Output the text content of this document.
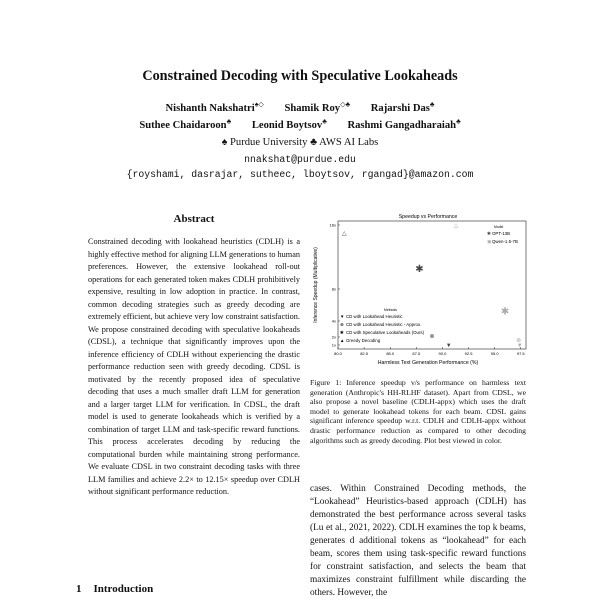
Constrained Decoding with Speculative Lookaheads
Nishanth Nakshatri♠◇ Shamik Roy◇♣ Rajarshi Das♣
Suthee Chaidaroon♣ Leonid Boytsov♣ Rashmi Gangadharaiah♣
♠ Purdue University ♣ AWS AI Labs
nnakshat@purdue.edu
{royshami, dasrajar, sutheec, lboytsov, rgangad}@amazon.com
Abstract
Constrained decoding with lookahead heuristics (CDLH) is a highly effective method for aligning LLM generations to human preferences. However, the extensive lookahead roll-out operations for each generated token makes CDLH prohibitively expensive, resulting in low adoption in practice. In contrast, common decoding strategies such as greedy decoding are extremely efficient, but achieve very low constraint satisfaction. We propose constrained decoding with speculative lookaheads (CDSL), a technique that significantly improves upon the inference efficiency of CDLH without experiencing the drastic performance reduction seen with greedy decoding. CDSL is motivated by the recently proposed idea of speculative decoding that uses a much smaller draft LLM for generation and a larger target LLM for verification. In CDSL, the draft model is used to generate lookaheads which is verified by a combination of target LLM and task-specific reward functions. This process accelerates decoding by reducing the computational burden while maintaining strong performance. We evaluate CDSL in two constraint decoding tasks with three LLM families and achieve 2.2× to 12.15× speedup over CDLH without significant performance reduction.
1 Introduction
Speedup vs Performance
1x
2x
4x
8x
16x
80.0	82.5	85.0	87.5	90.0	92.5	95.0	97.5
Harmless Text Generation Performance (%)
Inference Speedup (Multiplicative)
△
✱
⊗
▼
△
✱
⊗
▼
Model
✱ OPT-13B
▣ Qwen-1.5-7B
Methods
▼ CD with Lookahead Heuristic
⊗ CD with Lookahead Heuristic - Approx.
✱ CD with Speculative Lookaheads (Ours)
▲ Greedy Decoding
Figure 1: Inference speedup v/s performance on harmless text generation (Anthropic's HH-RLHF dataset). Apart from CDSL, we also propose a novel baseline (CDLH-appx) which uses the draft model to generate lookahead tokens for each beam. CDSL gains significant inference speedup w.r.t. CDLH and CDLH-appx without drastic performance reduction as compared to other decoding algorithms such as greedy decoding. Plot best viewed in color.
cases. Within Constrained Decoding methods, the “Lookahead” Heuristics-based approach (CDLH) has demonstrated the best performance across several tasks (Lu et al., 2021, 2022). CDLH examines the top k beams, generates d additional tokens as “lookahead” for each beam, scores them using task-specific reward functions for constraint satisfaction, and selects the beam that maximizes constraint fulfillment while discarding the others. However, the
